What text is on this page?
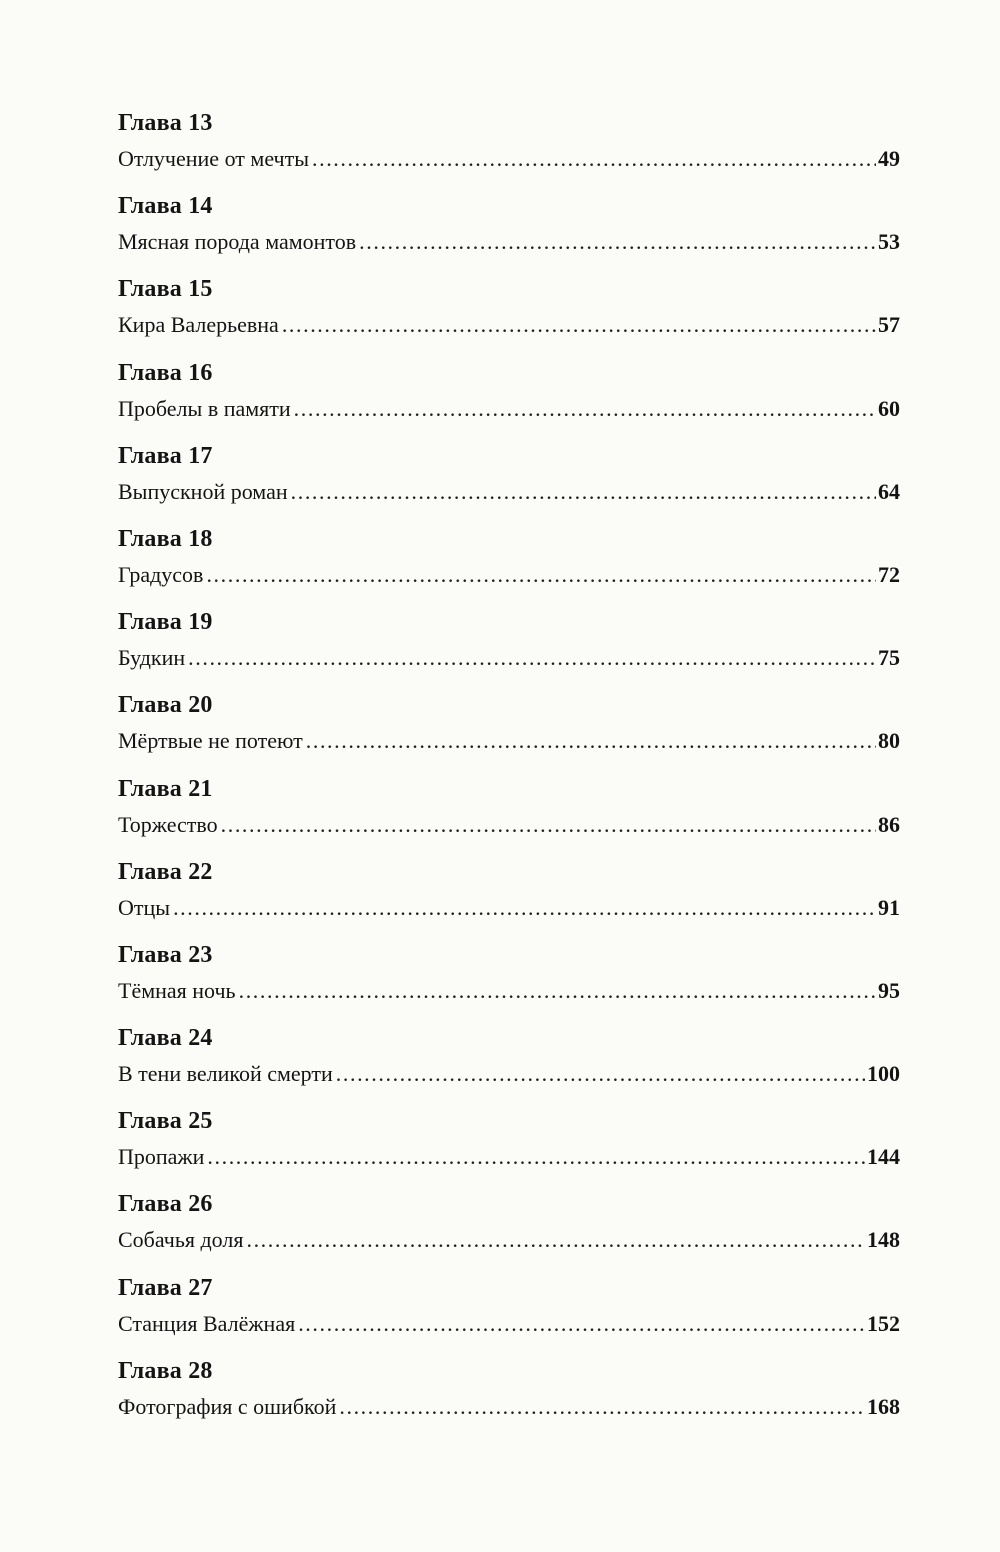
Глава 13
Отлучение от мечты .....	49
Глава 14
Мясная порода мамонтов .....	53
Глава 15
Кира Валерьевна .....	57
Глава 16
Пробелы в памяти .....	60
Глава 17
Выпускной роман .....	64
Глава 18
Градусов .....	72
Глава 19
Будкин .....	75
Глава 20
Мёртвые не потеют .....	80
Глава 21
Торжество .....	86
Глава 22
Отцы .....	91
Глава 23
Тёмная ночь .....	95
Глава 24
В тени великой смерти .....	100
Глава 25
Пропажи .....	144
Глава 26
Собачья доля .....	148
Глава 27
Станция Валёжная .....	152
Глава 28
Фотография с ошибкой .....	168
